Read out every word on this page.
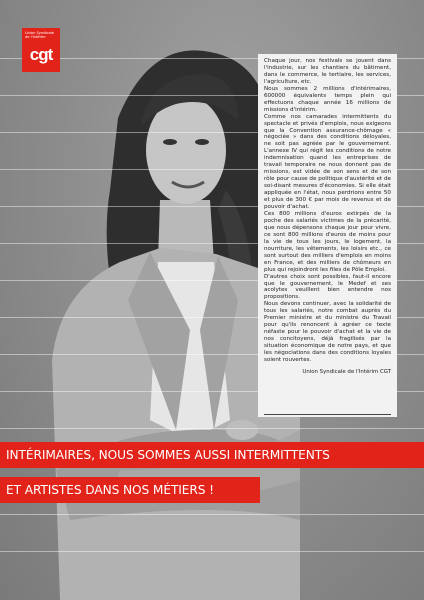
Union Syndicale de l'Intérim
cgt	Chaque jour, nos festivals se jouent dans l'industrie, sur les chantiers du bâtiment, dans le commerce, le tertiaire, les services, l'agriculture, etc.

Nous sommes 2 millions d'intérimaires, 600000 équivalents temps plein qui effectuons chaque année 16 millions de missions d'intérim.

Comme nos camarades intermittents du spectacle et privés d'emplois, nous exigeons que la Convention assurance-chômage « négociée » dans des conditions déloyales, ne soit pas agréée par le gouvernement. L'annexe IV qui régit les conditions de notre indemnisation quand les entreprises de travail temporaire ne nous donnent pas de missions, est vidée de son sens et de son rôle pour cause de politique d'austérité et de soi-disant mesures d'économies. Si elle était appliquée en l'état, nous perdrions entre 50 et plus de 300 € par mois de revenus et de pouvoir d'achat.

Ces 800 millions d'euros extirpés de la poche des salariés victimes de la précarité, que nous dépensons chaque jour pour vivre, ce sont 800 millions d'euros de moins pour la vie de tous les jours, le logement, la nourriture, les vêtements, les loisirs etc., ce sont surtout des milliers d'emplois en moins en France, et des milliers de chômeurs en plus qui rejoindront les files de Pôle Emploi.

D'autres choix sont possibles, faut-il encore que le gouvernement, le Medef et ses acolytes veuillent bien entendre nos propositions.

Nous devons continuer, avec la solidarité de tous les salariés, notre combat auprès du Premier ministre et du ministre du Travail pour qu'ils renoncent à agréer ce texte néfaste pour le pouvoir d'achat et la vie de nos concitoyens, déjà fragilisés par la situation économique de notre pays, et que les négociations dans des conditions loyales soient rouvertes.

Union Syndicale de l'Intérim CGT
INTÉRIMAIRES, NOUS SOMMES AUSSI INTERMITTENTS
ET ARTISTES DANS NOS MÉTIERS !
